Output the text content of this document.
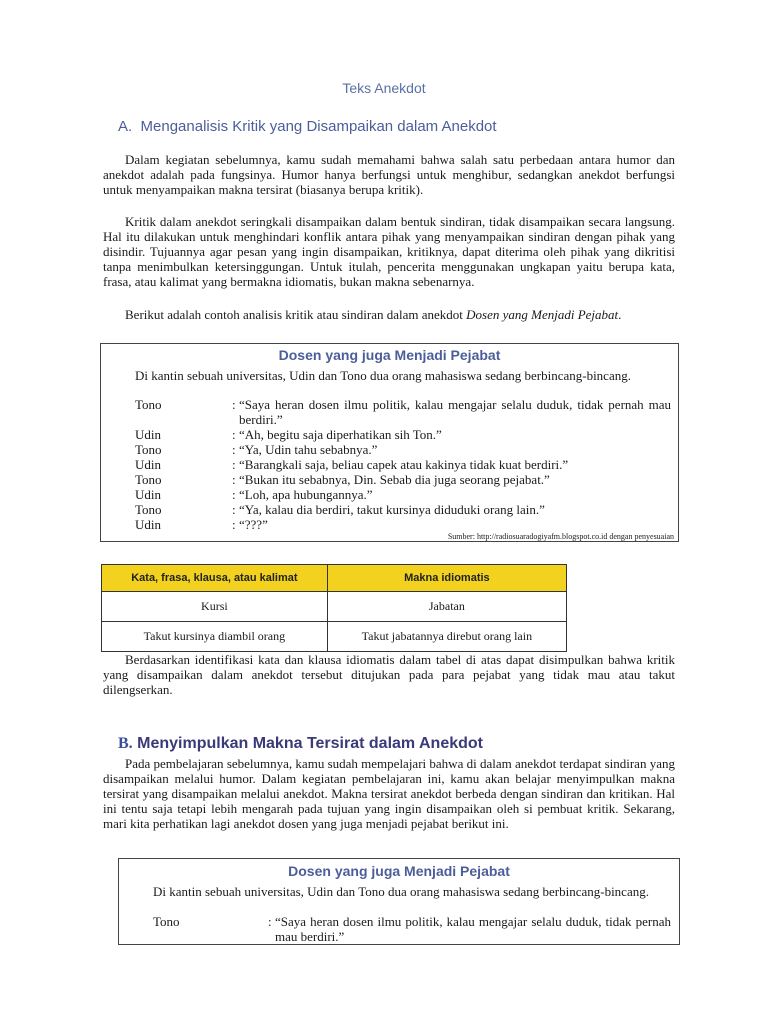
Teks Anekdot
A. Menganalisis Kritik yang Disampaikan dalam Anekdot
Dalam kegiatan sebelumnya, kamu sudah memahami bahwa salah satu perbedaan antara humor dan anekdot adalah pada fungsinya. Humor hanya berfungsi untuk menghibur, sedangkan anekdot berfungsi untuk menyampaikan makna tersirat (biasanya berupa kritik).
Kritik dalam anekdot seringkali disampaikan dalam bentuk sindiran, tidak disampaikan secara langsung. Hal itu dilakukan untuk menghindari konflik antara pihak yang menyampaikan sindiran dengan pihak yang disindir. Tujuannya agar pesan yang ingin disampaikan, kritiknya, dapat diterima oleh pihak yang dikritisi tanpa menimbulkan ketersinggungan. Untuk itulah, pencerita menggunakan ungkapan yaitu berupa kata, frasa, atau kalimat yang bermakna idiomatis, bukan makna sebenarnya.
Berikut adalah contoh analisis kritik atau sindiran dalam anekdot Dosen yang Menjadi Pejabat.
Dosen yang juga Menjadi Pejabat
Di kantin sebuah universitas, Udin dan Tono dua orang mahasiswa sedang berbincang-bincang.
Tono	: “Saya heran dosen ilmu politik, kalau mengajar selalu duduk, tidak pernah mau berdiri.”
Udin	: “Ah, begitu saja diperhatikan sih Ton.”
Tono	: “Ya, Udin tahu sebabnya.”
Udin	: “Barangkali saja, beliau capek atau kakinya tidak kuat berdiri.”
Tono	: “Bukan itu sebabnya, Din. Sebab dia juga seorang pejabat.”
Udin	: “Loh, apa hubungannya.”
Tono	: “Ya, kalau dia berdiri, takut kursinya diduduki orang lain.”
Udin	: “???”
Sumber: http://radiosuaradogiyafm.blogspot.co.id dengan penyesuaian
Kata, frasa, klausa, atau kalimat	Makna idiomatis
Kursi	Jabatan
Takut kursinya diambil orang	Takut jabatannya direbut orang lain
Berdasarkan identifikasi kata dan klausa idiomatis dalam tabel di atas dapat disimpulkan bahwa kritik yang disampaikan dalam anekdot tersebut ditujukan pada para pejabat yang tidak mau atau takut dilengserkan.
B. Menyimpulkan Makna Tersirat dalam Anekdot
Pada pembelajaran sebelumnya, kamu sudah mempelajari bahwa di dalam anekdot terdapat sindiran yang disampaikan melalui humor. Dalam kegiatan pembelajaran ini, kamu akan belajar menyimpulkan makna tersirat yang disampaikan melalui anekdot. Makna tersirat anekdot berbeda dengan sindiran dan kritikan. Hal ini tentu saja tetapi lebih mengarah pada tujuan yang ingin disampaikan oleh si pembuat kritik. Sekarang, mari kita perhatikan lagi anekdot dosen yang juga menjadi pejabat berikut ini.
Dosen yang juga Menjadi Pejabat
Di kantin sebuah universitas, Udin dan Tono dua orang mahasiswa sedang berbincang-bincang.
Tono	: “Saya heran dosen ilmu politik, kalau mengajar selalu duduk, tidak pernah mau berdiri.”
